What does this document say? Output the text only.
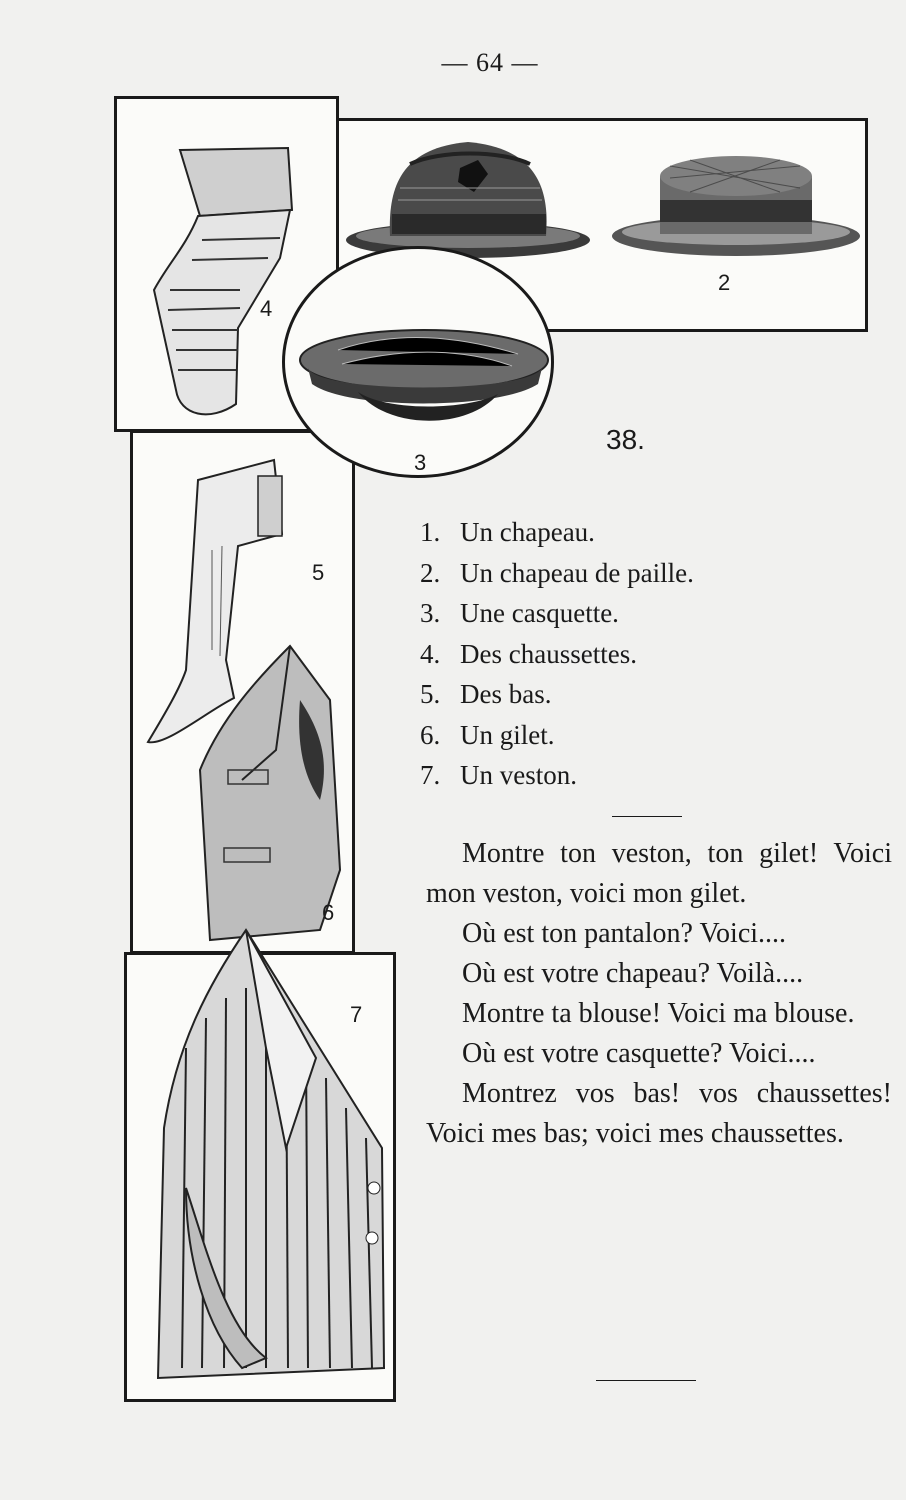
— 64 —
2
4
5
6
7
3
38.
1. Un chapeau.
2. Un chapeau de paille.
3. Une casquette.
4. Des chaussettes.
5. Des bas.
6. Un gilet.
7. Un veston.
Montre ton veston, ton gilet! Voici mon veston, voici mon gilet.
Où est ton pantalon? Voici....
Où est votre chapeau? Voilà....
Montre ta blouse! Voici ma blouse.
Où est votre casquette? Voici....
Montrez vos bas! vos chaussettes! Voici mes bas; voici mes chaussettes.
